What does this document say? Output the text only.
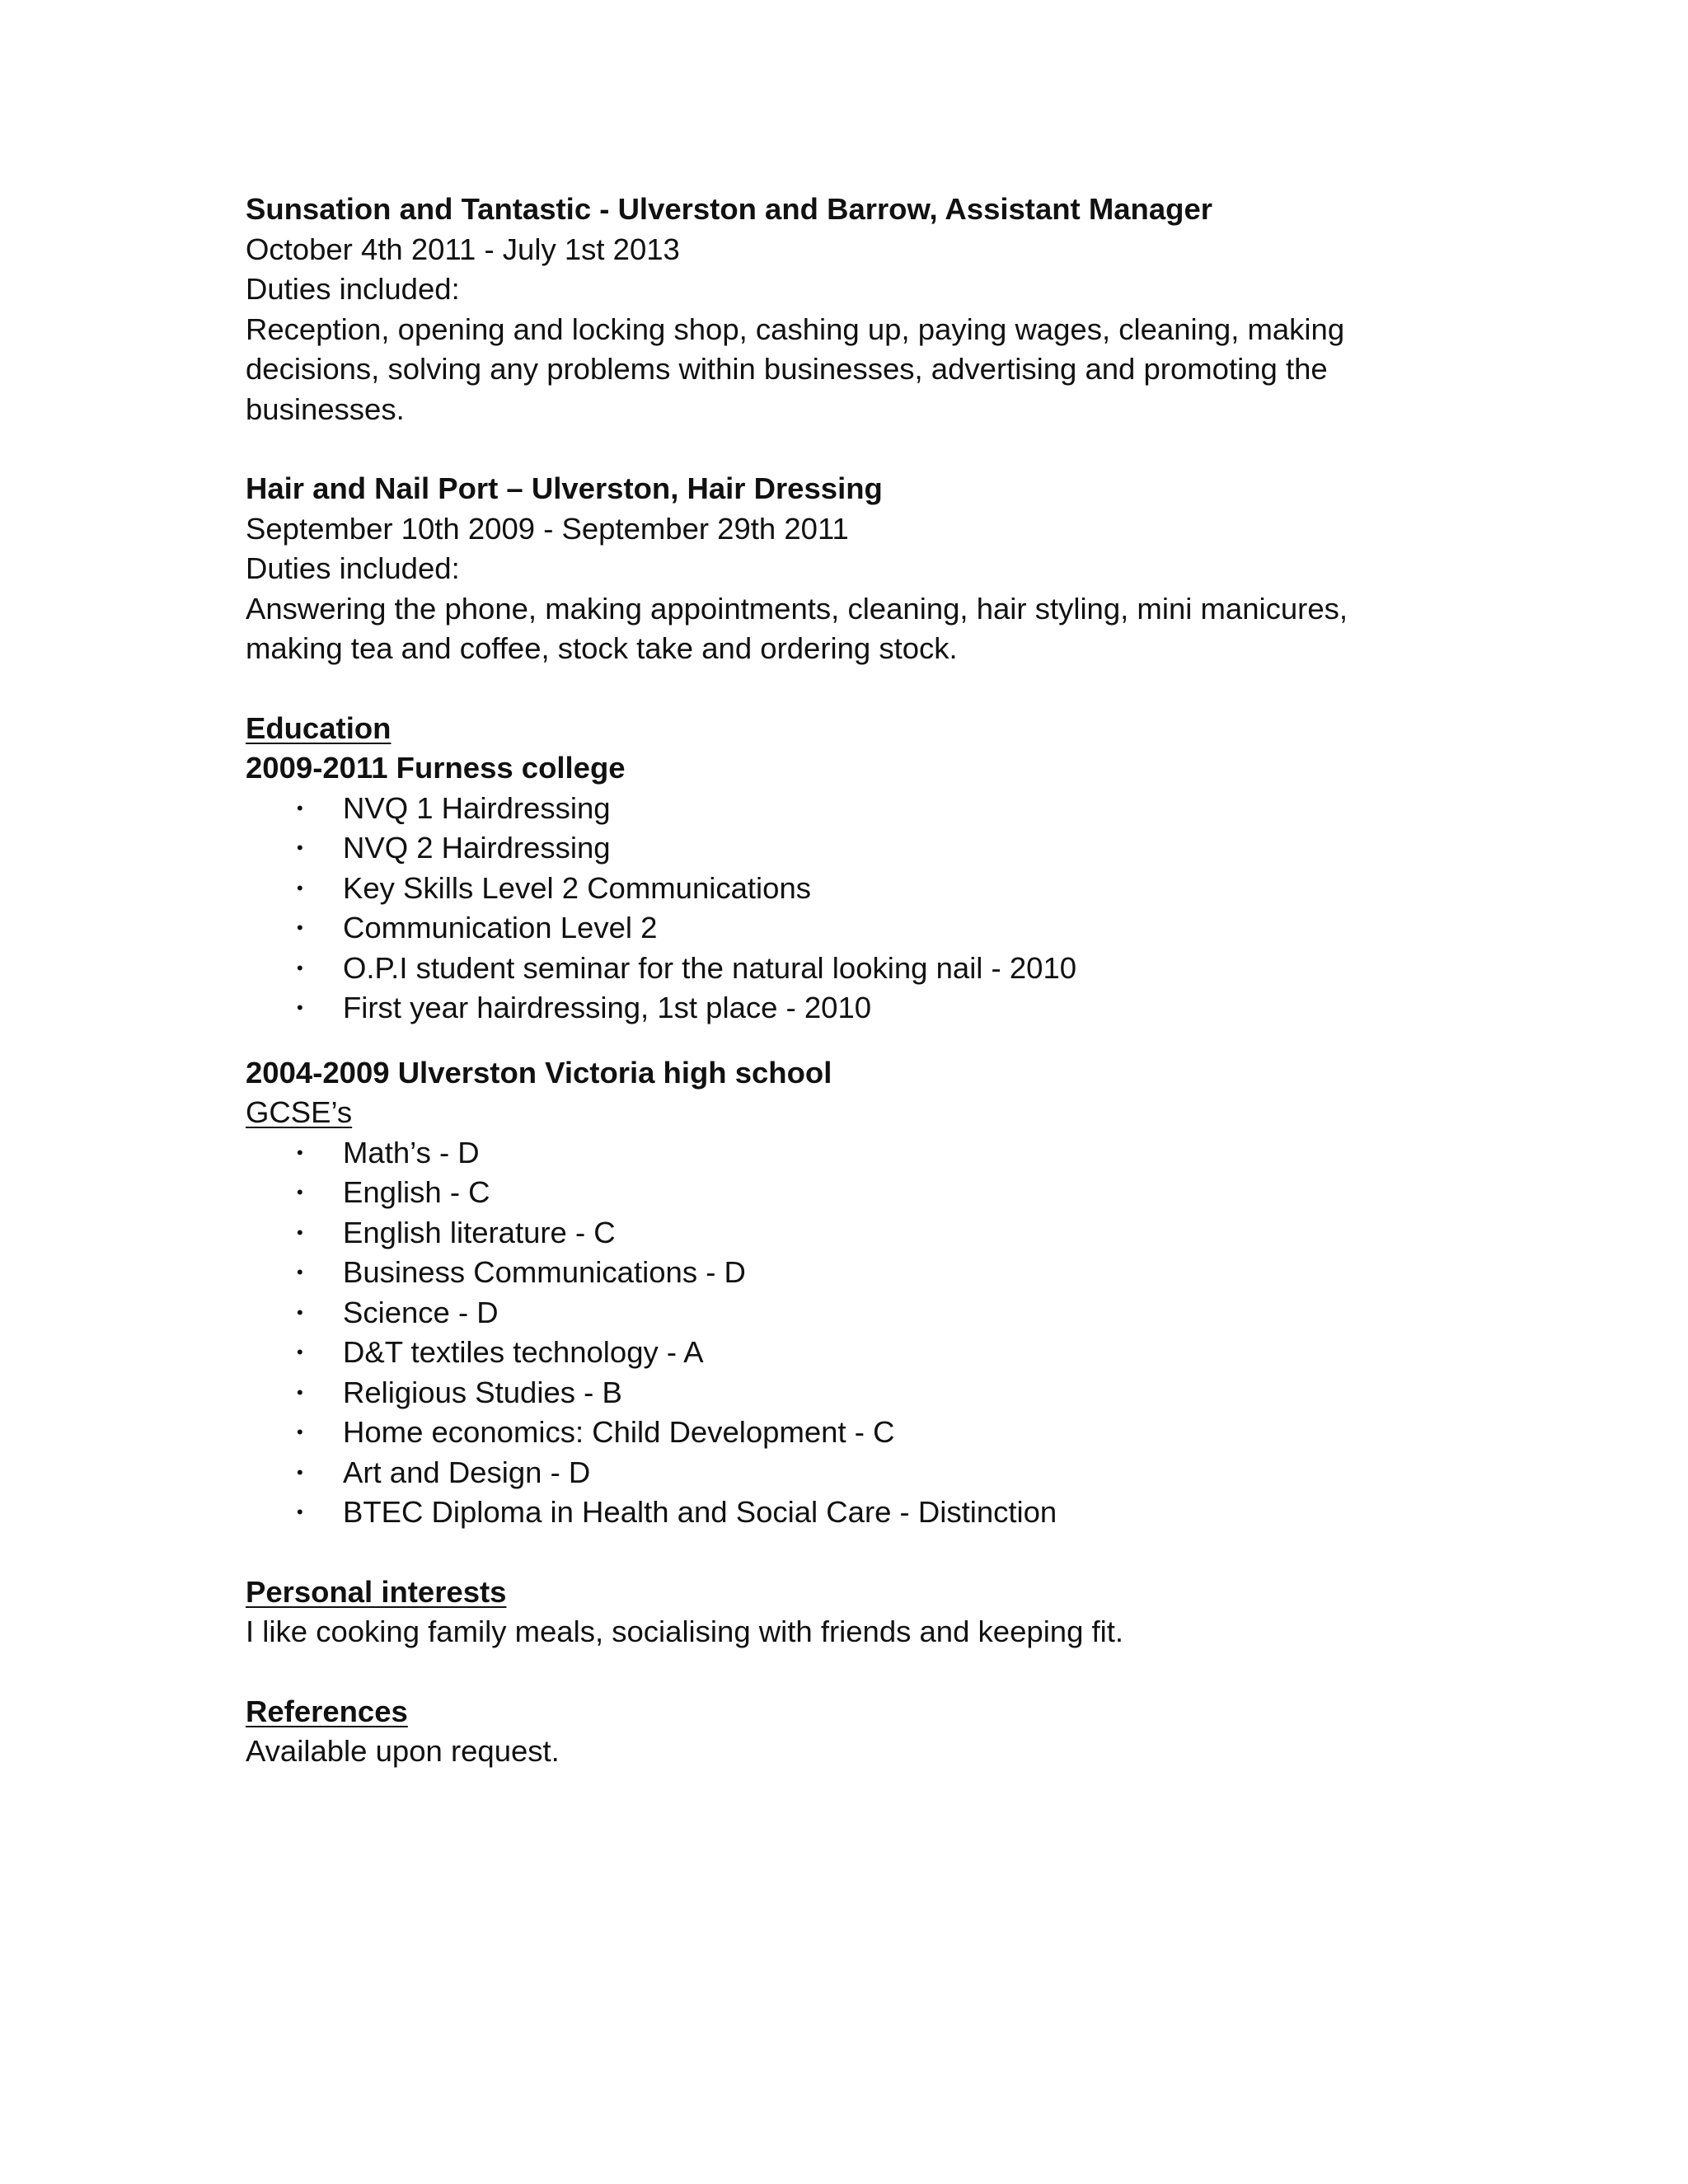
Sunsation and Tantastic - Ulverston and Barrow, Assistant Manager
October 4th 2011 - July 1st 2013
Duties included:
Reception, opening and locking shop, cashing up, paying wages, cleaning, making
decisions, solving any problems within businesses, advertising and promoting the
businesses.
Hair and Nail Port – Ulverston, Hair Dressing
September 10th 2009 - September 29th 2011
Duties included:
Answering the phone, making appointments, cleaning, hair styling, mini manicures,
making tea and coffee, stock take and ordering stock.
Education
2009-2011 Furness college
• NVQ 1 Hairdressing
• NVQ 2 Hairdressing
• Key Skills Level 2 Communications
• Communication Level 2
• O.P.I student seminar for the natural looking nail - 2010
• First year hairdressing, 1st place - 2010
2004-2009 Ulverston Victoria high school
GCSE’s
• Math’s - D
• English - C
• English literature - C
• Business Communications - D
• Science - D
• D&T textiles technology - A
• Religious Studies - B
• Home economics: Child Development - C
• Art and Design - D
• BTEC Diploma in Health and Social Care - Distinction
Personal interests
I like cooking family meals, socialising with friends and keeping fit.
References
Available upon request.
